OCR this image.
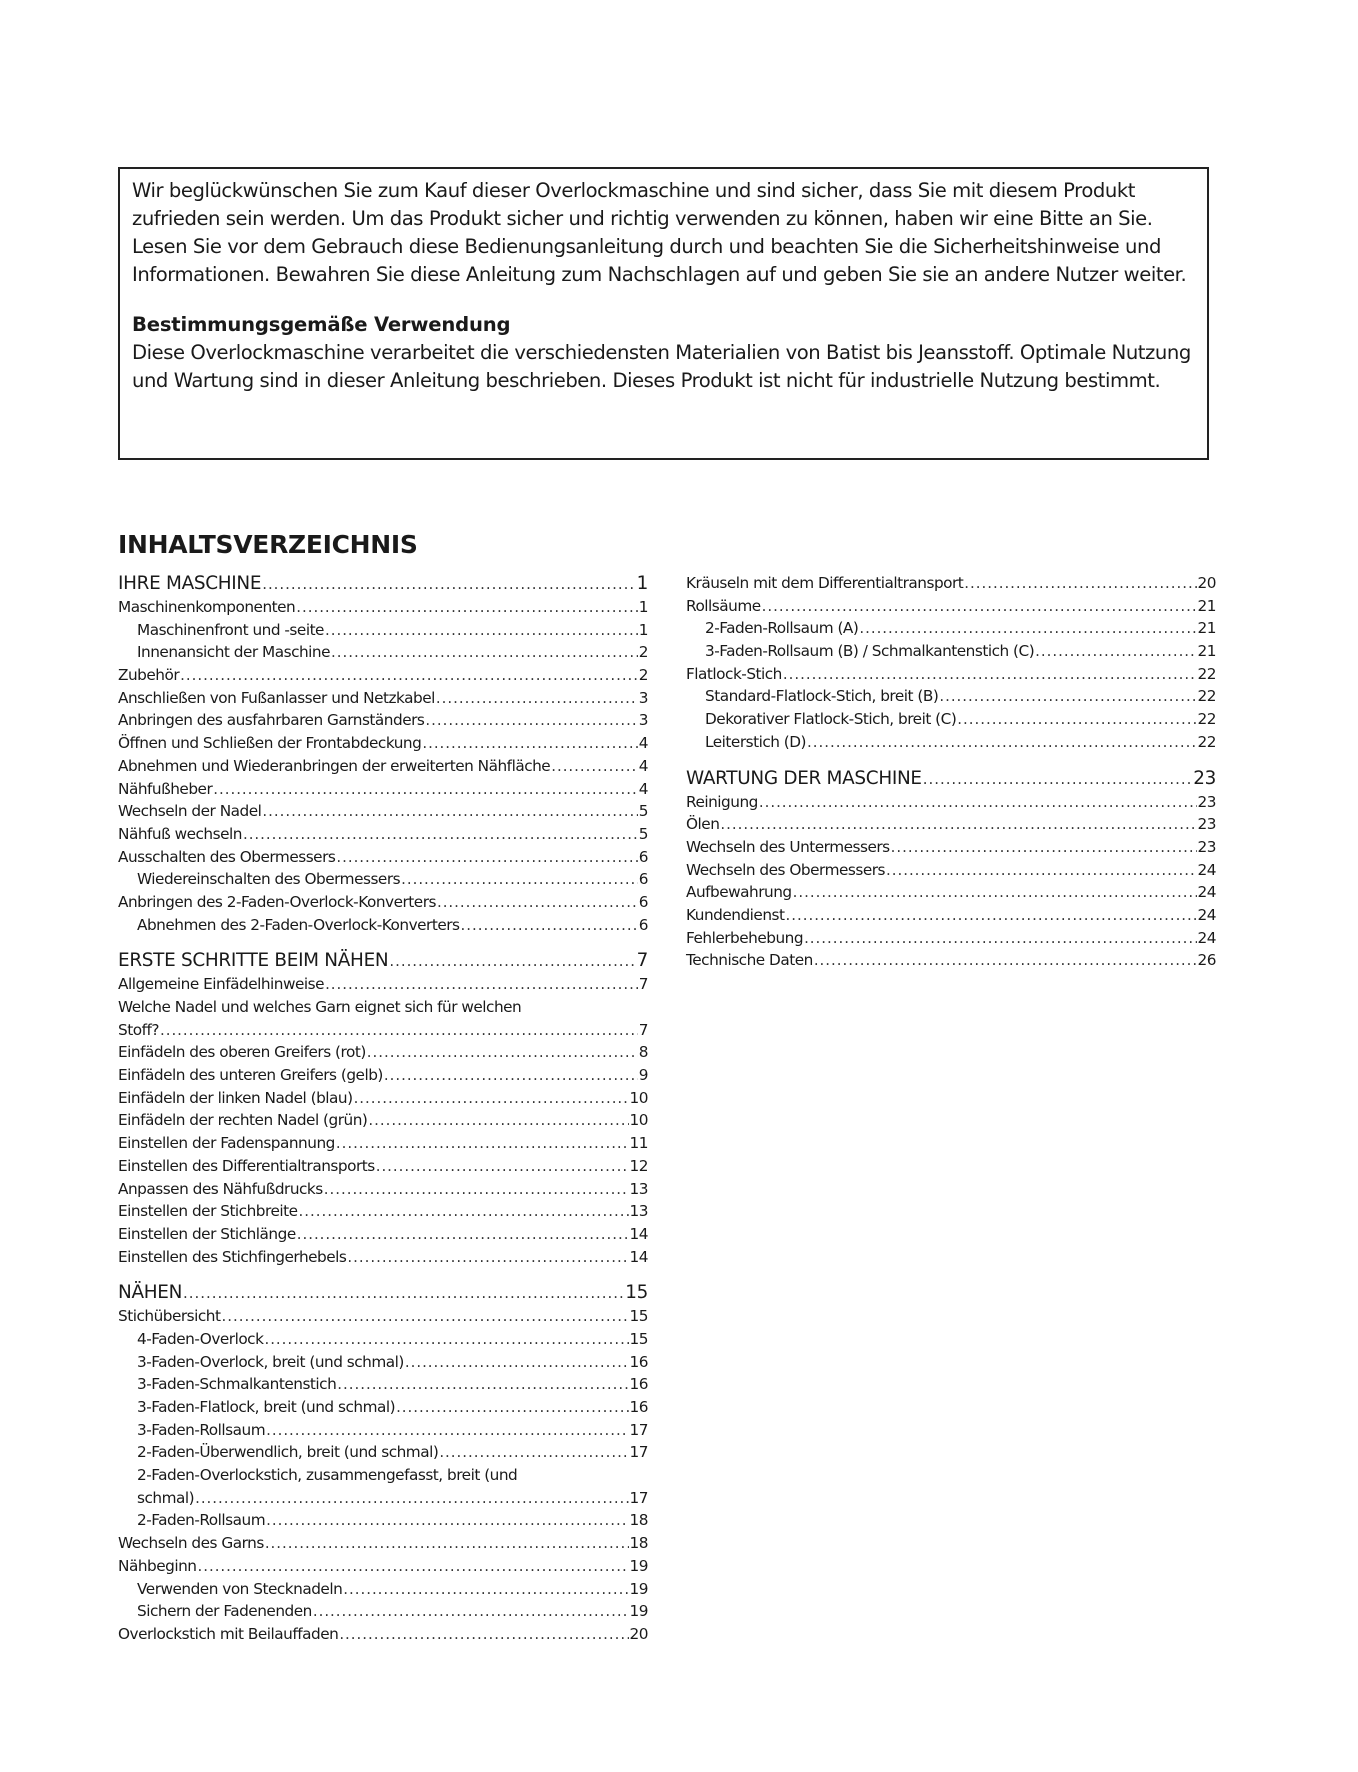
Wir beglückwünschen Sie zum Kauf dieser Overlockmaschine und sind sicher, dass Sie mit diesem Produkt zufrieden sein werden. Um das Produkt sicher und richtig verwenden zu können, haben wir eine Bitte an Sie. Lesen Sie vor dem Gebrauch diese Bedienungsanleitung durch und beachten Sie die Sicherheitshinweise und Informationen. Bewahren Sie diese Anleitung zum Nachschlagen auf und geben Sie sie an andere Nutzer weiter.

Bestimmungsgemäße Verwendung

Diese Overlockmaschine verarbeitet die verschiedensten Materialien von Batist bis Jeansstoff. Optimale Nutzung und Wartung sind in dieser Anleitung beschrieben. Dieses Produkt ist nicht für industrielle Nutzung bestimmt.

INHALTSVERZEICHNIS
IHRE MASCHINE . . .	1
Maschinenkomponenten . . .	1
Maschinenfront und -seite . . .	1
Innenansicht der Maschine . . .	2
Zubehör . . .	2
Anschließen von Fußanlasser und Netzkabel . . .	3
Anbringen des ausfahrbaren Garnständers . . .	3
Öffnen und Schließen der Frontabdeckung . . .	4
Abnehmen und Wiederanbringen der erweiterten Nähfläche . . .	4
Nähfußheber . . .	4
Wechseln der Nadel . . .	5
Nähfuß wechseln . . .	5
Ausschalten des Obermessers . . .	6
Wiedereinschalten des Obermessers . . .	6
Anbringen des 2-Faden-Overlock-Konverters . . .	6
Abnehmen des 2-Faden-Overlock-Konverters . . .	6
ERSTE SCHRITTE BEIM NÄHEN . . .	7
Allgemeine Einfädelhinweise . . .	7
Welche Nadel und welches Garn eignet sich für welchen
Stoff? . . .	7
Einfädeln des oberen Greifers (rot) . . .	8
Einfädeln des unteren Greifers (gelb) . . .	9
Einfädeln der linken Nadel (blau) . . .	10
Einfädeln der rechten Nadel (grün) . . .	10
Einstellen der Fadenspannung . . .	11
Einstellen des Differentialtransports . . .	12
Anpassen des Nähfußdrucks . . .	13
Einstellen der Stichbreite . . .	13
Einstellen der Stichlänge . . .	14
Einstellen des Stichfingerhebels . . .	14
NÄHEN . . .	15
Stichübersicht . . .	15
4-Faden-Overlock . . .	15
3-Faden-Overlock, breit (und schmal) . . .	16
3-Faden-Schmalkantenstich . . .	16
3-Faden-Flatlock, breit (und schmal) . . .	16
3-Faden-Rollsaum . . .	17
2-Faden-Überwendlich, breit (und schmal) . . .	17
2-Faden-Overlockstich, zusammengefasst, breit (und
schmal) . . .	17
2-Faden-Rollsaum . . .	18
Wechseln des Garns . . .	18
Nähbeginn . . .	19
Verwenden von Stecknadeln . . .	19
Sichern der Fadenenden . . .	19
Overlockstich mit Beilauffaden . . .	20
Kräuseln mit dem Differentialtransport . . .	20
Rollsäume . . .	21
2-Faden-Rollsaum (A) . . .	21
3-Faden-Rollsaum (B) / Schmalkantenstich (C) . . .	21
Flatlock-Stich . . .	22
Standard-Flatlock-Stich, breit (B) . . .	22
Dekorativer Flatlock-Stich, breit (C) . . .	22
Leiterstich (D) . . .	22
WARTUNG DER MASCHINE . . .	23
Reinigung . . .	23
Ölen . . .	23
Wechseln des Untermessers . . .	23
Wechseln des Obermessers . . .	24
Aufbewahrung . . .	24
Kundendienst . . .	24
Fehlerbehebung . . .	24
Technische Daten . . .	26
